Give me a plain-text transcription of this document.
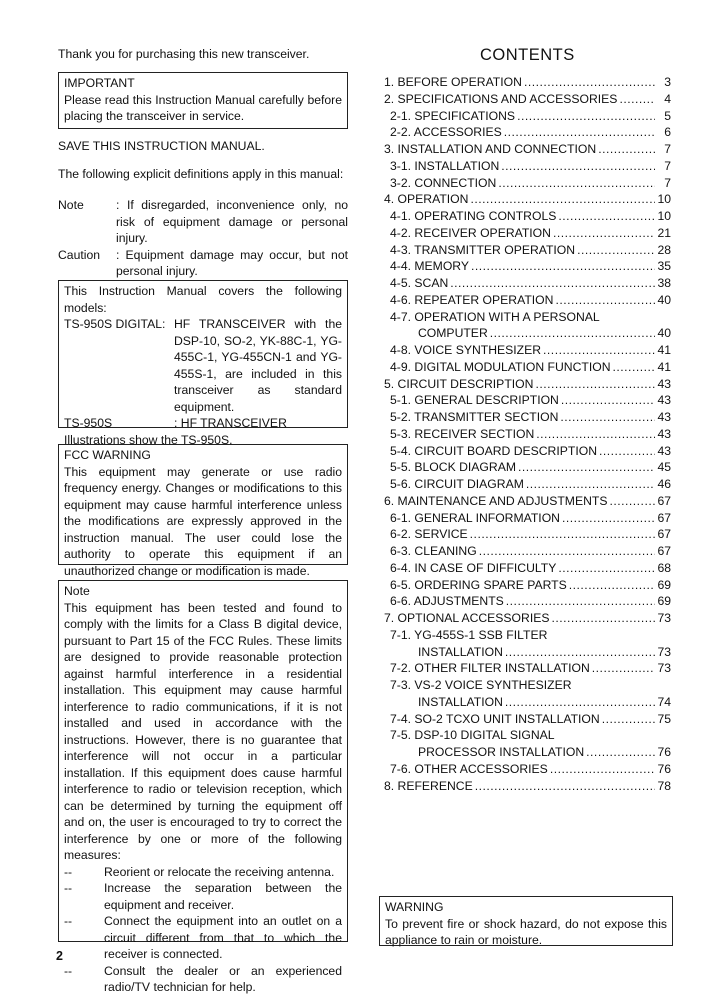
Thank you for purchasing this new transceiver.
IMPORTANT
Please read this Instruction Manual carefully before placing the transceiver in service.
SAVE THIS INSTRUCTION MANUAL.
The following explicit definitions apply in this manual:
Note	: If disregarded, inconvenience only, no risk of equipment damage or personal injury.
Caution	: Equipment damage may occur, but not personal injury.
This Instruction Manual covers the following models:
TS-950S DIGITAL: HF TRANSCEIVER with the DSP-10, SO-2, YK-88C-1, YG-455C-1, YG-455CN-1 and YG-455S-1, are included in this transceiver as standard equipment.
TS-950S	: HF TRANSCEIVER
Illustrations show the TS-950S.
FCC WARNING
This equipment may generate or use radio frequency energy. Changes or modifications to this equipment may cause harmful interference unless the modifications are expressly approved in the instruction manual. The user could lose the authority to operate this equipment if an unauthorized change or modification is made.
Note
This equipment has been tested and found to comply with the limits for a Class B digital device, pursuant to Part 15 of the FCC Rules. These limits are designed to provide reasonable protection against harmful interference in a residential installation. This equipment may cause harmful interference to radio communications, if it is not installed and used in accordance with the instructions. However, there is no guarantee that interference will not occur in a particular installation. If this equipment does cause harmful interference to radio or television reception, which can be determined by turning the equipment off and on, the user is encouraged to try to correct the interference by one or more of the following measures:
--	Reorient or relocate the receiving antenna.
--	Increase the separation between the equipment and receiver.
--	Connect the equipment into an outlet on a circuit different from that to which the receiver is connected.
--	Consult the dealer or an experienced radio/TV technician for help.
2
CONTENTS
1. BEFORE OPERATION .....	3
2. SPECIFICATIONS AND ACCESSORIES .....	4
2-1. SPECIFICATIONS .....	5
2-2. ACCESSORIES .....	6
3. INSTALLATION AND CONNECTION .....	7
3-1. INSTALLATION .....	7
3-2. CONNECTION .....	7
4. OPERATION .....	10
4-1. OPERATING CONTROLS .....	10
4-2. RECEIVER OPERATION .....	21
4-3. TRANSMITTER OPERATION .....	28
4-4. MEMORY .....	35
4-5. SCAN .....	38
4-6. REPEATER OPERATION .....	40
4-7. OPERATION WITH A PERSONAL
COMPUTER .....	40
4-8. VOICE SYNTHESIZER .....	41
4-9. DIGITAL MODULATION FUNCTION .....	41
5. CIRCUIT DESCRIPTION .....	43
5-1. GENERAL DESCRIPTION .....	43
5-2. TRANSMITTER SECTION .....	43
5-3. RECEIVER SECTION .....	43
5-4. CIRCUIT BOARD DESCRIPTION .....	43
5-5. BLOCK DIAGRAM .....	45
5-6. CIRCUIT DIAGRAM .....	46
6. MAINTENANCE AND ADJUSTMENTS .....	67
6-1. GENERAL INFORMATION .....	67
6-2. SERVICE .....	67
6-3. CLEANING .....	67
6-4. IN CASE OF DIFFICULTY .....	68
6-5. ORDERING SPARE PARTS .....	69
6-6. ADJUSTMENTS .....	69
7. OPTIONAL ACCESSORIES .....	73
7-1. YG-455S-1 SSB FILTER
INSTALLATION .....	73
7-2. OTHER FILTER INSTALLATION .....	73
7-3. VS-2 VOICE SYNTHESIZER
INSTALLATION .....	74
7-4. SO-2 TCXO UNIT INSTALLATION .....	75
7-5. DSP-10 DIGITAL SIGNAL
PROCESSOR INSTALLATION .....	76
7-6. OTHER ACCESSORIES .....	76
8. REFERENCE .....	78
WARNING
To prevent fire or shock hazard, do not expose this appliance to rain or moisture.
